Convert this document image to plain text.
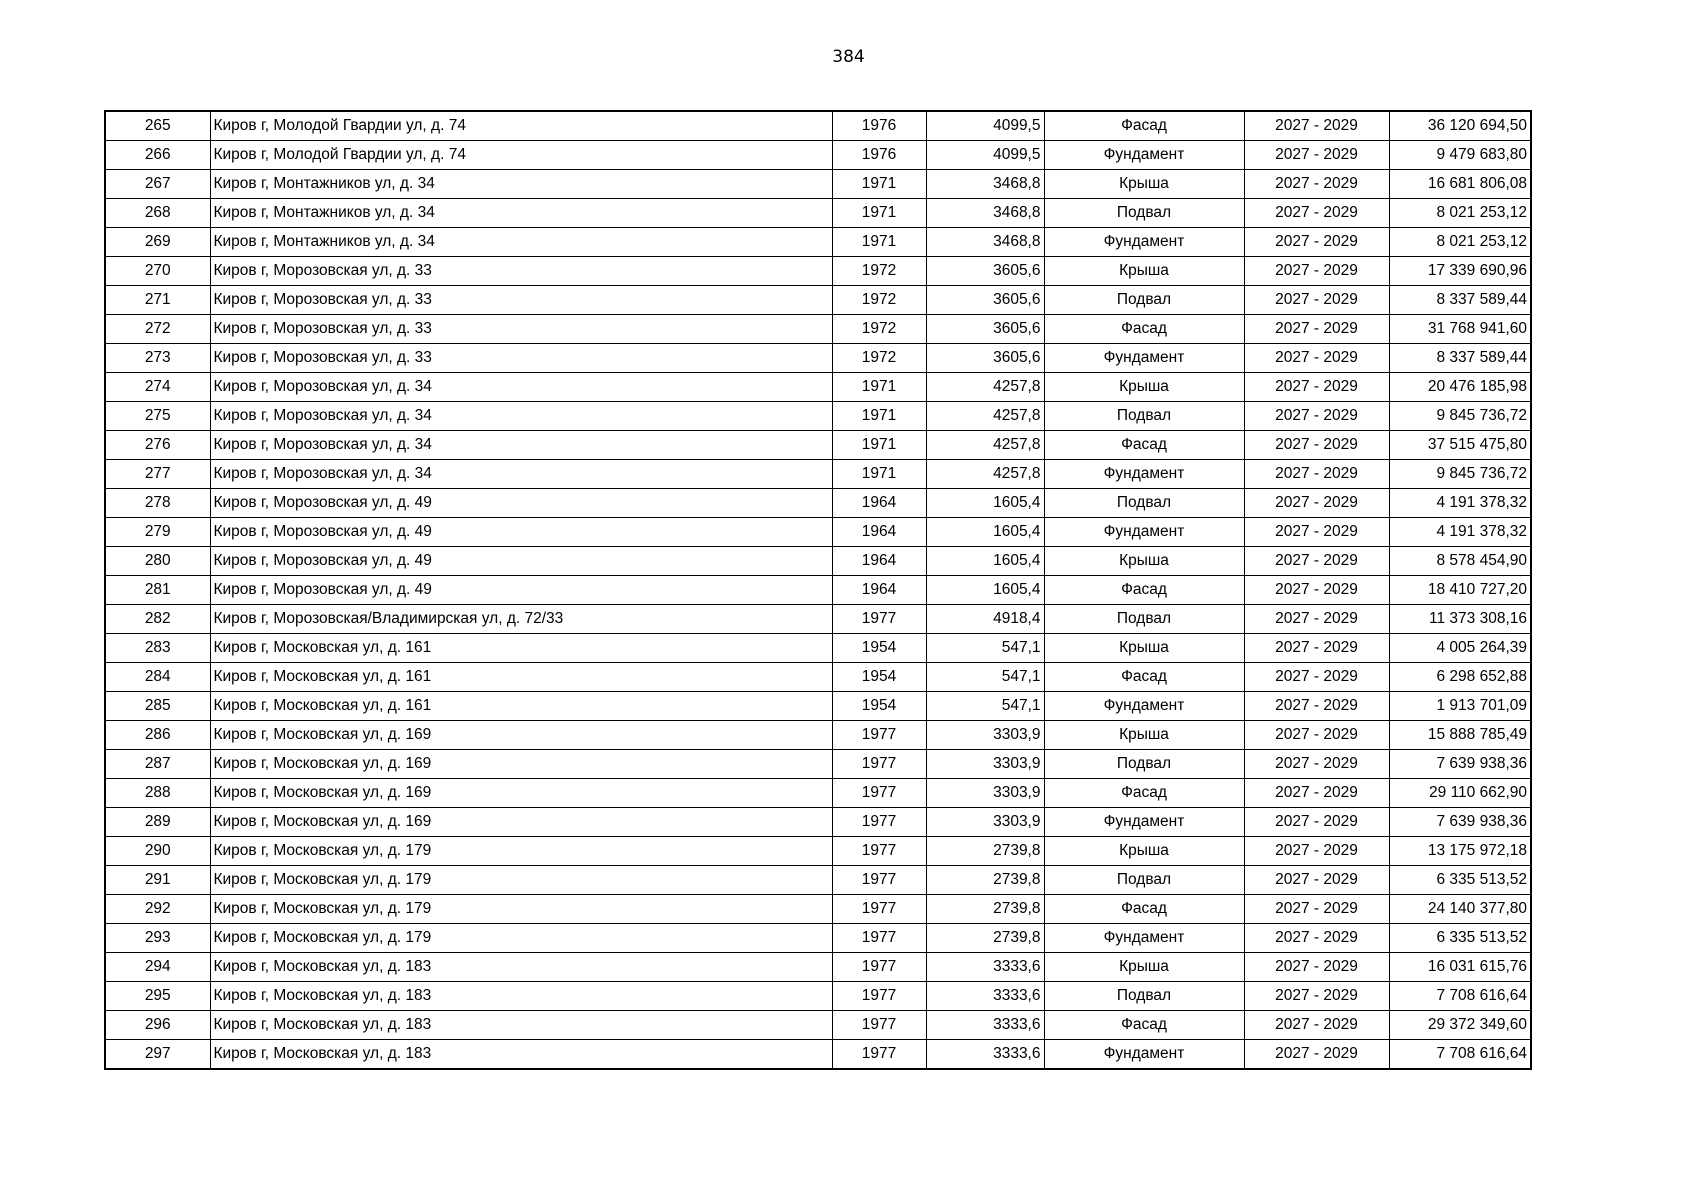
384
265	Киров г, Молодой Гвардии ул, д. 74	1976	4099,5	Фасад	2027 - 2029	36 120 694,50
266	Киров г, Молодой Гвардии ул, д. 74	1976	4099,5	Фундамент	2027 - 2029	9 479 683,80
267	Киров г, Монтажников ул, д. 34	1971	3468,8	Крыша	2027 - 2029	16 681 806,08
268	Киров г, Монтажников ул, д. 34	1971	3468,8	Подвал	2027 - 2029	8 021 253,12
269	Киров г, Монтажников ул, д. 34	1971	3468,8	Фундамент	2027 - 2029	8 021 253,12
270	Киров г, Морозовская ул, д. 33	1972	3605,6	Крыша	2027 - 2029	17 339 690,96
271	Киров г, Морозовская ул, д. 33	1972	3605,6	Подвал	2027 - 2029	8 337 589,44
272	Киров г, Морозовская ул, д. 33	1972	3605,6	Фасад	2027 - 2029	31 768 941,60
273	Киров г, Морозовская ул, д. 33	1972	3605,6	Фундамент	2027 - 2029	8 337 589,44
274	Киров г, Морозовская ул, д. 34	1971	4257,8	Крыша	2027 - 2029	20 476 185,98
275	Киров г, Морозовская ул, д. 34	1971	4257,8	Подвал	2027 - 2029	9 845 736,72
276	Киров г, Морозовская ул, д. 34	1971	4257,8	Фасад	2027 - 2029	37 515 475,80
277	Киров г, Морозовская ул, д. 34	1971	4257,8	Фундамент	2027 - 2029	9 845 736,72
278	Киров г, Морозовская ул, д. 49	1964	1605,4	Подвал	2027 - 2029	4 191 378,32
279	Киров г, Морозовская ул, д. 49	1964	1605,4	Фундамент	2027 - 2029	4 191 378,32
280	Киров г, Морозовская ул, д. 49	1964	1605,4	Крыша	2027 - 2029	8 578 454,90
281	Киров г, Морозовская ул, д. 49	1964	1605,4	Фасад	2027 - 2029	18 410 727,20
282	Киров г, Морозовская/Владимирская ул, д. 72/33	1977	4918,4	Подвал	2027 - 2029	11 373 308,16
283	Киров г, Московская ул, д. 161	1954	547,1	Крыша	2027 - 2029	4 005 264,39
284	Киров г, Московская ул, д. 161	1954	547,1	Фасад	2027 - 2029	6 298 652,88
285	Киров г, Московская ул, д. 161	1954	547,1	Фундамент	2027 - 2029	1 913 701,09
286	Киров г, Московская ул, д. 169	1977	3303,9	Крыша	2027 - 2029	15 888 785,49
287	Киров г, Московская ул, д. 169	1977	3303,9	Подвал	2027 - 2029	7 639 938,36
288	Киров г, Московская ул, д. 169	1977	3303,9	Фасад	2027 - 2029	29 110 662,90
289	Киров г, Московская ул, д. 169	1977	3303,9	Фундамент	2027 - 2029	7 639 938,36
290	Киров г, Московская ул, д. 179	1977	2739,8	Крыша	2027 - 2029	13 175 972,18
291	Киров г, Московская ул, д. 179	1977	2739,8	Подвал	2027 - 2029	6 335 513,52
292	Киров г, Московская ул, д. 179	1977	2739,8	Фасад	2027 - 2029	24 140 377,80
293	Киров г, Московская ул, д. 179	1977	2739,8	Фундамент	2027 - 2029	6 335 513,52
294	Киров г, Московская ул, д. 183	1977	3333,6	Крыша	2027 - 2029	16 031 615,76
295	Киров г, Московская ул, д. 183	1977	3333,6	Подвал	2027 - 2029	7 708 616,64
296	Киров г, Московская ул, д. 183	1977	3333,6	Фасад	2027 - 2029	29 372 349,60
297	Киров г, Московская ул, д. 183	1977	3333,6	Фундамент	2027 - 2029	7 708 616,64
